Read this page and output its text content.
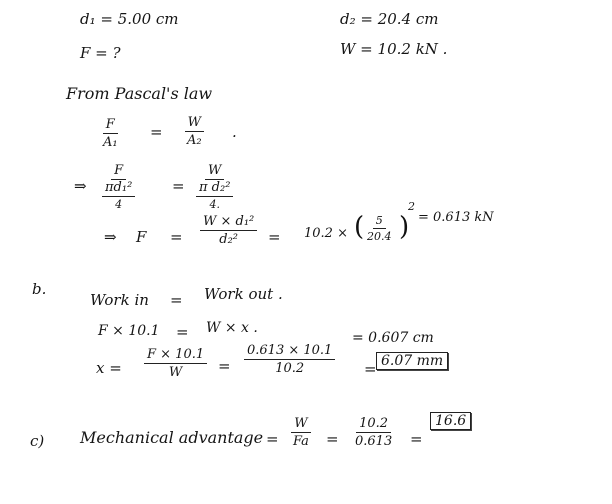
d₁ = 5.00 cm	d₂ = 20.4 cm
F = ?	W = 10.2 kN .
From Pascal's law
$\frac{F}{\text{A₁}} = \frac{W}{\text{A₂}}$ .
⇒ $\frac{F}{\frac{\text{πd₁²}}{4}} = \frac{W}{\frac{\text{π d₂²}}{4.}}$
⇒ $F = \frac{\text{W × d₁²}}{\text{d₂²}} = 10.2$ × ( $\frac{5}{20.4}$ )
2
= 0.613 kN
b.
Work in = Work out .
F × 10.1 = W × x .
$x = \frac{F \times 10.1}{W} = \frac{0.613 \times 10.1}{10.2}$
= 0.607 cm
= 6.07 mm
c) Mechanical advantage = $\frac{W}{Fa} = \frac{10.2}{0.613}$ =
16.6
